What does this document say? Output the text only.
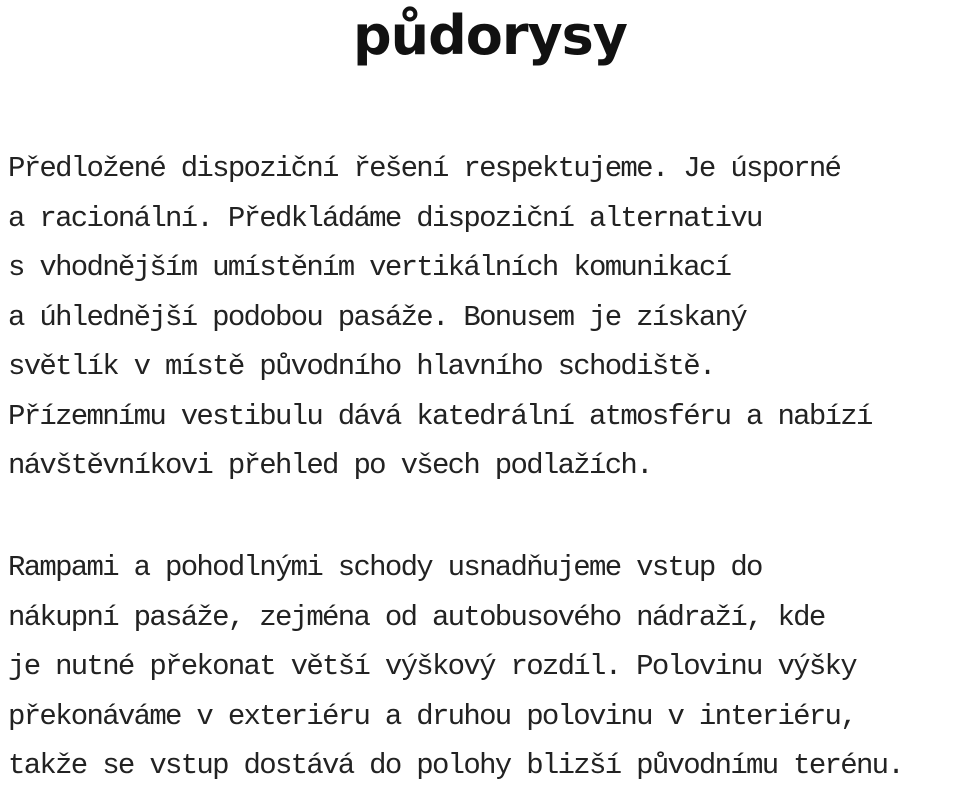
půdorysy

Předložené dispoziční řešení respektujeme. Je úsporné
a racionální. Předkládáme dispoziční alternativu
s vhodnějším umístěním vertikálních komunikací
a úhlednější podobou pasáže. Bonusem je získaný
světlík v místě původního hlavního schodiště.
Přízemnímu vestibulu dává katedrální atmosféru a nabízí
návštěvníkovi přehled po všech podlažích.

Rampami a pohodlnými schody usnadňujeme vstup do
nákupní pasáže, zejména od autobusového nádraží, kde
je nutné překonat větší výškový rozdíl. Polovinu výšky
překonáváme v exteriéru a druhou polovinu v interiéru,
takže se vstup dostává do polohy blizší původnímu terénu.
